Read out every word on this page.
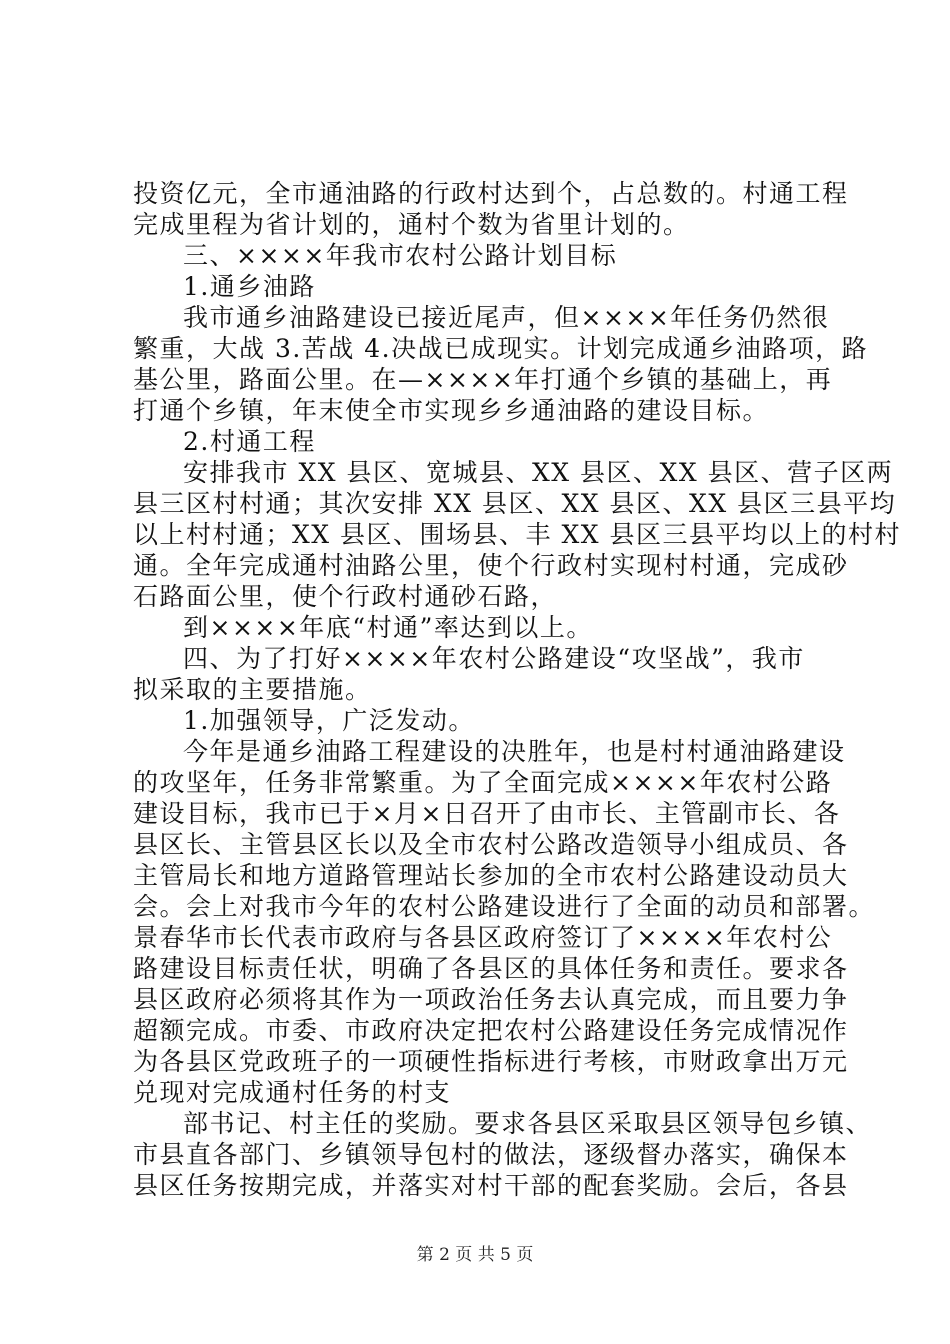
投资亿元，全市通油路的行政村达到个，占总数的。村通工程
完成里程为省计划的，通村个数为省里计划的。
三、××××年我市农村公路计划目标
1.通乡油路
我市通乡油路建设已接近尾声，但××××年任务仍然很
繁重，大战 3.苦战 4.决战已成现实。计划完成通乡油路项，路
基公里，路面公里。在—××××年打通个乡镇的基础上，再
打通个乡镇，年末使全市实现乡乡通油路的建设目标。
2.村通工程
安排我市 XX 县区、宽城县、XX 县区、XX 县区、营子区两
县三区村村通；其次安排 XX 县区、XX 县区、XX 县区三县平均
以上村村通；XX 县区、围场县、丰 XX 县区三县平均以上的村村
通。全年完成通村油路公里，使个行政村实现村村通，完成砂
石路面公里，使个行政村通砂石路，
到××××年底“村通”率达到以上。
四、为了打好××××年农村公路建设“攻坚战”，我市
拟采取的主要措施。
1.加强领导，广泛发动。
今年是通乡油路工程建设的决胜年，也是村村通油路建设
的攻坚年，任务非常繁重。为了全面完成××××年农村公路
建设目标，我市已于×月×日召开了由市长、主管副市长、各
县区长、主管县区长以及全市农村公路改造领导小组成员、各
主管局长和地方道路管理站长参加的全市农村公路建设动员大
会。会上对我市今年的农村公路建设进行了全面的动员和部署。
景春华市长代表市政府与各县区政府签订了××××年农村公
路建设目标责任状，明确了各县区的具体任务和责任。要求各
县区政府必须将其作为一项政治任务去认真完成，而且要力争
超额完成。市委、市政府决定把农村公路建设任务完成情况作
为各县区党政班子的一项硬性指标进行考核，市财政拿出万元
兑现对完成通村任务的村支
部书记、村主任的奖励。要求各县区采取县区领导包乡镇、
市县直各部门、乡镇领导包村的做法，逐级督办落实，确保本
县区任务按期完成，并落实对村干部的配套奖励。会后，各县
第 2 页 共 5 页
